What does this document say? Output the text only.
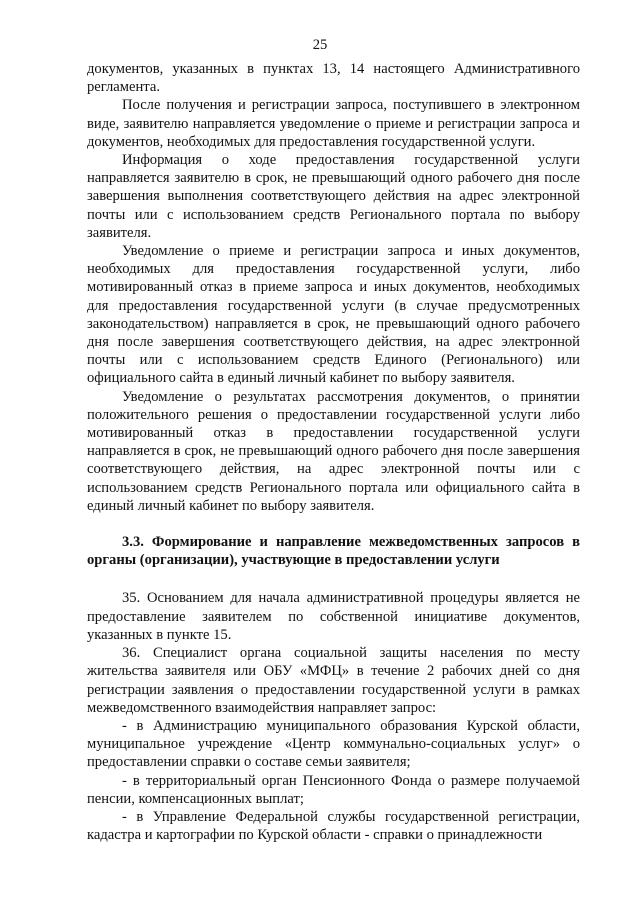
25

документов, указанных в пунктах 13, 14 настоящего Административного регламента.

После получения и регистрации запроса, поступившего в электронном виде, заявителю направляется уведомление о приеме и регистрации запроса и документов, необходимых для предоставления государственной услуги.

Информация о ходе предоставления государственной услуги направляется заявителю в срок, не превышающий одного рабочего дня после завершения выполнения соответствующего действия на адрес электронной почты или с использованием средств Регионального портала по выбору заявителя.

Уведомление о приеме и регистрации запроса и иных документов, необходимых для предоставления государственной услуги, либо мотивированный отказ в приеме запроса и иных документов, необходимых для предоставления государственной услуги (в случае предусмотренных законодательством) направляется в срок, не превышающий одного рабочего дня после завершения соответствующего действия, на адрес электронной почты или с использованием средств Единого (Регионального) или официального сайта в единый личный кабинет по выбору заявителя.

Уведомление о результатах рассмотрения документов, о принятии положительного решения о предоставлении государственной услуги либо мотивированный отказ в предоставлении государственной услуги направляется в срок, не превышающий одного рабочего дня после завершения соответствующего действия, на адрес электронной почты или с использованием средств Регионального портала или официального сайта в единый личный кабинет по выбору заявителя.

3.3. Формирование и направление межведомственных запросов в органы (организации), участвующие в предоставлении услуги

35. Основанием для начала административной процедуры является не предоставление заявителем по собственной инициативе документов, указанных в пункте 15.

36. Специалист органа социальной защиты населения по месту жительства заявителя или ОБУ «МФЦ» в течение 2 рабочих дней со дня регистрации заявления о предоставлении государственной услуги в рамках межведомственного взаимодействия направляет запрос:

- в Администрацию муниципального образования Курской области, муниципальное учреждение «Центр коммунально-социальных услуг» о предоставлении справки о составе семьи заявителя;

- в территориальный орган Пенсионного Фонда о размере получаемой пенсии, компенсационных выплат;

- в Управление Федеральной службы государственной регистрации, кадастра и картографии по Курской области - справки о принадлежности
